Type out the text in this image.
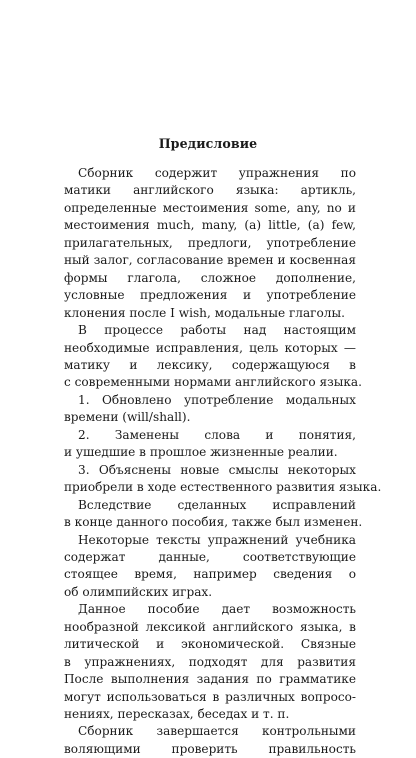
Предисловие
Сборник содержит упражнения по
матики английского языка: артикль,
определенные местоимения some, any, no и
местоимения much, many, (a) little, (a) few,
прилагательных, предлоги, употребление
ный залог, согласование времен и косвенная
формы глагола, сложное дополнение,
условные предложения и употребление
клонения после I wish, модальные глаголы.
В процессе работы над настоящим
необходимые исправления, цель которых —
матику и лексику, содержащуюся в
с современными нормами английского языка.
1. Обновлено употребление модальных
времени (will/shall).
2. Заменены слова и понятия,
и ушедшие в прошлое жизненные реалии.
3. Объяснены новые смыслы некоторых
приобрели в ходе естественного развития языка.
Вследствие сделанных исправлений
в конце данного пособия, также был изменен.
Некоторые тексты упражнений учебника
содержат данные, соответствующие
стоящее время, например сведения о
об олимпийских играх.
Данное пособие дает возможность
нообразной лексикой английского языка, в
литической и экономической. Связные
в упражнениях, подходят для развития
После выполнения задания по грамматике
могут использоваться в различных вопросо-
нениях, пересказах, беседах и т. п.
Сборник завершается контрольными
воляющими проверить правильность
